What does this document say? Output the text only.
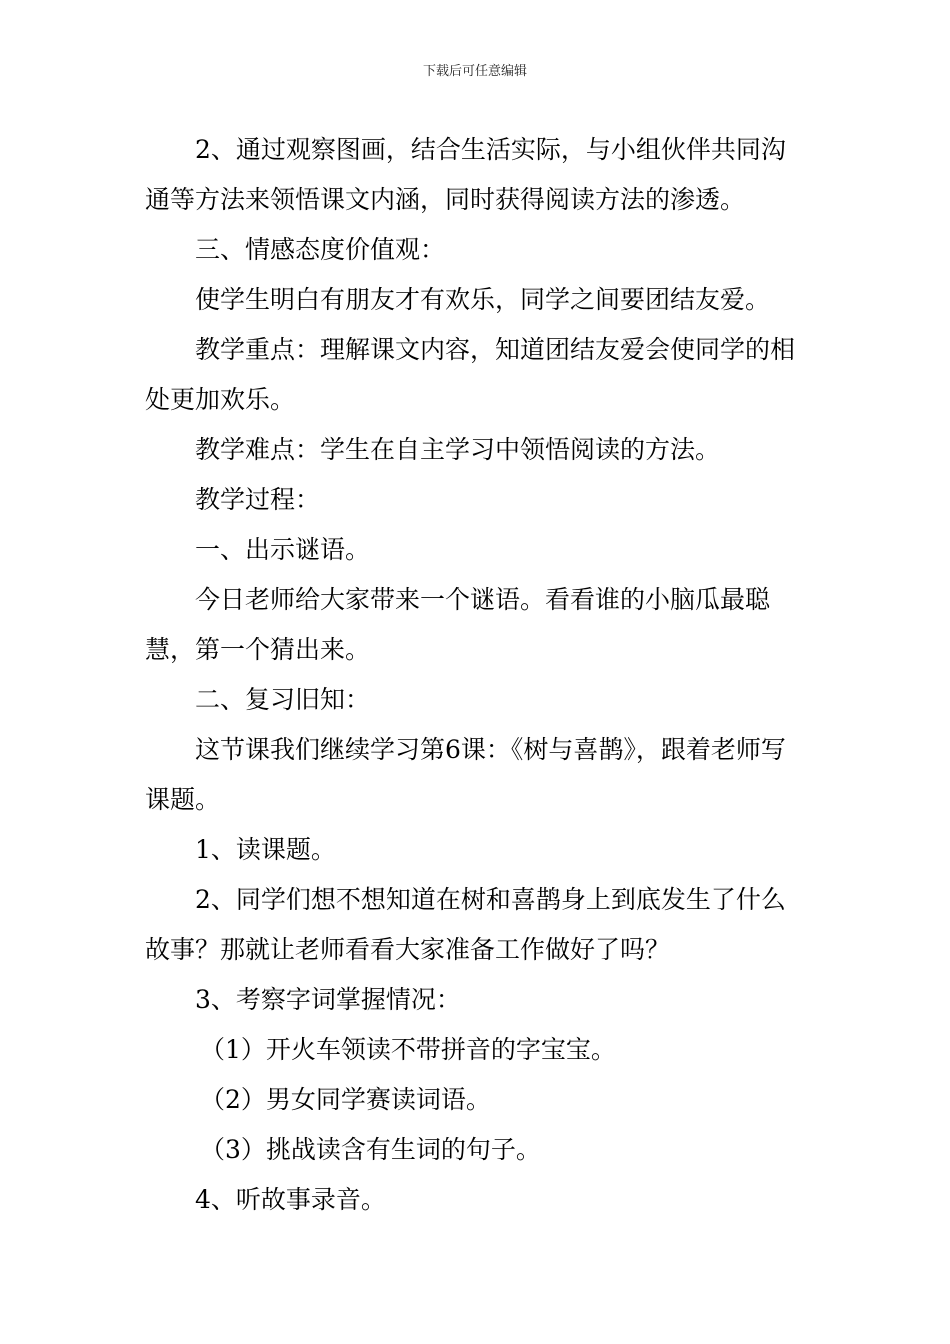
下载后可任意编辑

2、通过观察图画，结合生活实际，与小组伙伴共同沟通等方法来领悟课文内涵，同时获得阅读方法的渗透。

三、情感态度价值观：

使学生明白有朋友才有欢乐，同学之间要团结友爱。

教学重点：理解课文内容，知道团结友爱会使同学的相处更加欢乐。

教学难点：学生在自主学习中领悟阅读的方法。

教学过程：

一、出示谜语。

今日老师给大家带来一个谜语。看看谁的小脑瓜最聪慧，第一个猜出来。

二、复习旧知：

这节课我们继续学习第6课：《树与喜鹊》，跟着老师写课题。

1、读课题。

2、同学们想不想知道在树和喜鹊身上到底发生了什么故事？那就让老师看看大家准备工作做好了吗？

3、考察字词掌握情况：

（1）开火车领读不带拼音的字宝宝。

（2）男女同学赛读词语。

（3）挑战读含有生词的句子。

4、听故事录音。
